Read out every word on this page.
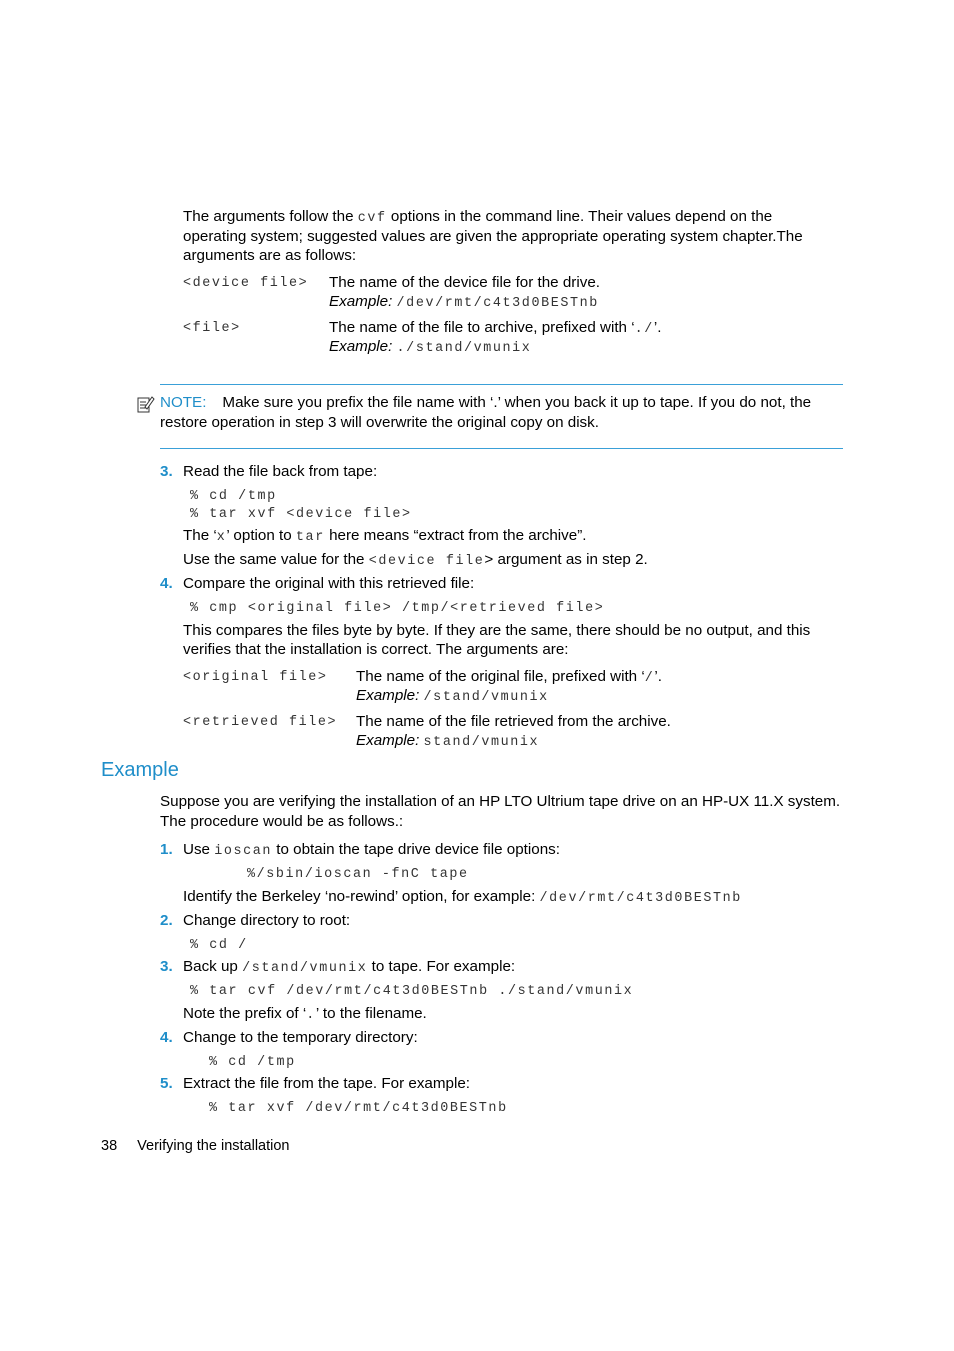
The arguments follow the cvf options in the command line. Their values depend on the
operating system; suggested values are given the appropriate operating system chapter.The
arguments are as follows:
<device file> The name of the device file for the drive.
Example: /dev/rmt/c4t3d0BESTnb
<file>	The name of the file to archive, prefixed with ‘./’.
Example: ./stand/vmunix
NOTE: Make sure you prefix the file name with ‘.’ when you back it up to tape. If you do not, the
restore operation in step 3 will overwrite the original copy on disk.
3. Read the file back from tape:
% cd /tmp
% tar xvf <device file>
The ‘x’ option to tar here means “extract from the archive”.
Use the same value for the <device file> argument as in step 2.
4. Compare the original with this retrieved file:
% cmp <original file> /tmp/<retrieved file>
This compares the files byte by byte. If they are the same, there should be no output, and this
verifies that the installation is correct. The arguments are:
<original file> The name of the original file, prefixed with ‘/’.
Example: /stand/vmunix
<retrieved file> The name of the file retrieved from the archive.
Example: stand/vmunix
Example
Suppose you are verifying the installation of an HP LTO Ultrium tape drive on an HP-UX 11.X system.
The procedure would be as follows.:
1. Use ioscan to obtain the tape drive device file options:
%/sbin/ioscan -fnC tape
Identify the Berkeley ‘no-rewind’ option, for example: /dev/rmt/c4t3d0BESTnb
2. Change directory to root:
% cd /
3. Back up /stand/vmunix to tape. For example:
% tar cvf /dev/rmt/c4t3d0BESTnb ./stand/vmunix
Note the prefix of ‘.’ to the filename.
4. Change to the temporary directory:
% cd /tmp
5. Extract the file from the tape. For example:
% tar xvf /dev/rmt/c4t3d0BESTnb
38 Verifying the installation
